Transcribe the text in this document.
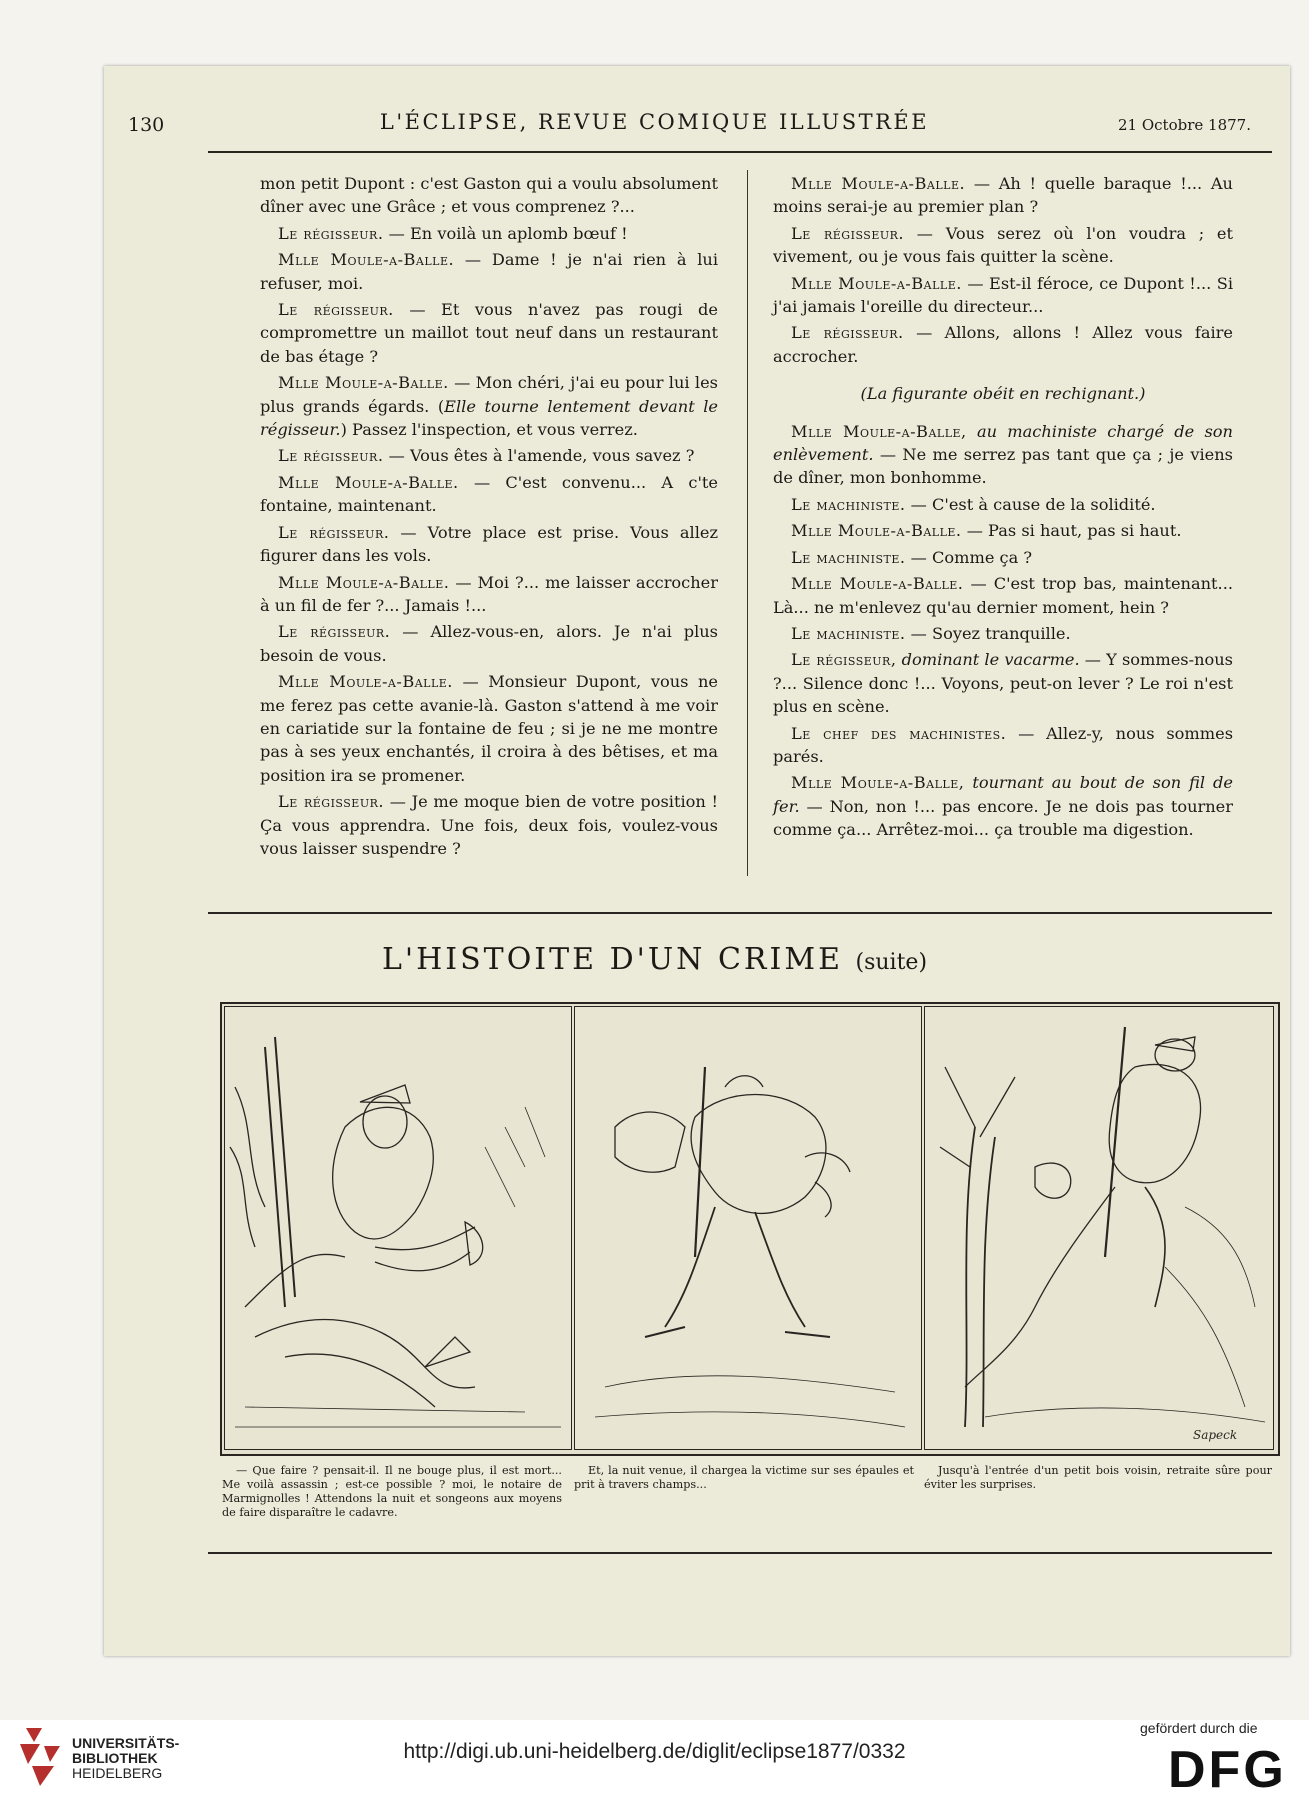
130	L'ÉCLIPSE, REVUE COMIQUE ILLUSTRÉE	21 Octobre 1877.

mon petit Dupont : c'est Gaston qui a voulu absolument dîner avec une Grâce ; et vous comprenez ?...

Le régisseur. — En voilà un aplomb bœuf !

Mlle Moule-a-Balle. — Dame ! je n'ai rien à lui refuser, moi.

Le régisseur. — Et vous n'avez pas rougi de compromettre un maillot tout neuf dans un restaurant de bas étage ?

Mlle Moule-a-Balle. — Mon chéri, j'ai eu pour lui les plus grands égards. (Elle tourne lentement devant le régisseur.) Passez l'inspection, et vous verrez.

Le régisseur. — Vous êtes à l'amende, vous savez ?

Mlle Moule-a-Balle. — C'est convenu... A c'te fontaine, maintenant.

Le régisseur. — Votre place est prise. Vous allez figurer dans les vols.

Mlle Moule-a-Balle. — Moi ?... me laisser accrocher à un fil de fer ?... Jamais !...

Le régisseur. — Allez-vous-en, alors. Je n'ai plus besoin de vous.

Mlle Moule-a-Balle. — Monsieur Dupont, vous ne me ferez pas cette avanie-là. Gaston s'attend à me voir en cariatide sur la fontaine de feu ; si je ne me montre pas à ses yeux enchantés, il croira à des bêtises, et ma position ira se promener.

Le régisseur. — Je me moque bien de votre position ! Ça vous apprendra. Une fois, deux fois, voulez-vous vous laisser suspendre ?

Mlle Moule-a-Balle. — Ah ! quelle baraque !... Au moins serai-je au premier plan ?

Le régisseur. — Vous serez où l'on voudra ; et vivement, ou je vous fais quitter la scène.

Mlle Moule-a-Balle. — Est-il féroce, ce Dupont !... Si j'ai jamais l'oreille du directeur...

Le régisseur. — Allons, allons ! Allez vous faire accrocher.

(La figurante obéit en rechignant.)

Mlle Moule-a-Balle, au machiniste chargé de son enlèvement. — Ne me serrez pas tant que ça ; je viens de dîner, mon bonhomme.

Le machiniste. — C'est à cause de la solidité.

Mlle Moule-a-Balle. — Pas si haut, pas si haut.

Le machiniste. — Comme ça ?

Mlle Moule-a-Balle. — C'est trop bas, maintenant... Là... ne m'enlevez qu'au dernier moment, hein ?

Le machiniste. — Soyez tranquille.

Le régisseur, dominant le vacarme. — Y sommes-nous ?... Silence donc !... Voyons, peut-on lever ? Le roi n'est plus en scène.

Le chef des machinistes. — Allez-y, nous sommes parés.

Mlle Moule-a-Balle, tournant au bout de son fil de fer. — Non, non !... pas encore. Je ne dois pas tourner comme ça... Arrêtez-moi... ça trouble ma digestion.

L'HISTOITE D'UN CRIME (suite)
Sapeck

— Que faire ? pensait-il. Il ne bouge plus, il est mort... Me voilà assassin ; est-ce possible ? moi, le notaire de Marmignolles ! Attendons la nuit et songeons aux moyens de faire disparaître le cadavre.

Et, la nuit venue, il chargea la victime sur ses épaules et prit à travers champs...

Jusqu'à l'entrée d'un petit bois voisin, retraite sûre pour éviter les surprises.

UNIVERSITÄTS-
BIBLIOTHEK
HEIDELBERG
http://digi.ub.uni-heidelberg.de/diglit/eclipse1877/0332
gefördert durch die
DFG
